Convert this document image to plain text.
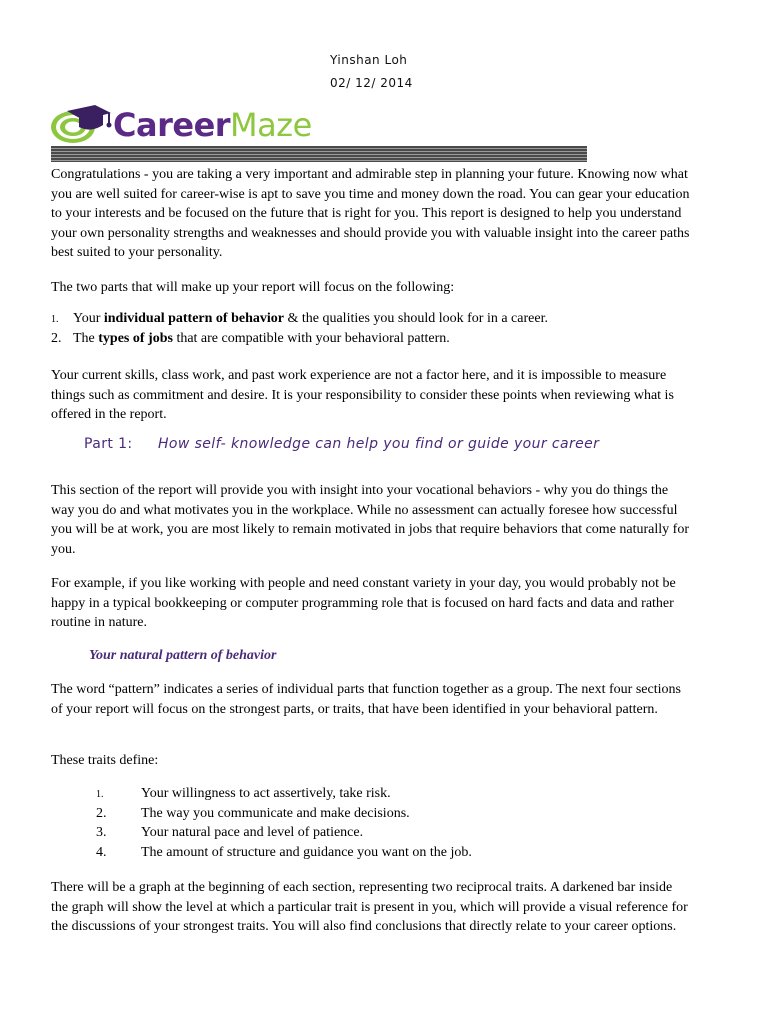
Yinshan Loh
02/ 12/ 2014
CareerMaze

Congratulations - you are taking a very important and admirable step in planning your future. Knowing now what you are well suited for career-wise is apt to save you time and money down the road. You can gear your education to your interests and be focused on the future that is right for you. This report is designed to help you understand your own personality strengths and weaknesses and should provide you with valuable insight into the career paths best suited to your personality.

The two parts that will make up your report will focus on the following:

1. Your individual pattern of behavior & the qualities you should look for in a career.
2. The types of jobs that are compatible with your behavioral pattern.

Your current skills, class work, and past work experience are not a factor here, and it is impossible to measure things such as commitment and desire. It is your responsibility to consider these points when reviewing what is offered in the report.

Part 1: How self- knowledge can help you find or guide your career

This section of the report will provide you with insight into your vocational behaviors - why you do things the way you do and what motivates you in the workplace. While no assessment can actually foresee how successful you will be at work, you are most likely to remain motivated in jobs that require behaviors that come naturally for you.

For example, if you like working with people and need constant variety in your day, you would probably not be happy in a typical bookkeeping or computer programming role that is focused on hard facts and data and rather routine in nature.

Your natural pattern of behavior

The word “pattern” indicates a series of individual parts that function together as a group. The next four sections of your report will focus on the strongest parts, or traits, that have been identified in your behavioral pattern.

These traits define:

1.	Your willingness to act assertively, take risk.
2. The way you communicate and make decisions.
3. Your natural pace and level of patience.
4. The amount of structure and guidance you want on the job.

There will be a graph at the beginning of each section, representing two reciprocal traits. A darkened bar inside the graph will show the level at which a particular trait is present in you, which will provide a visual reference for the discussions of your strongest traits. You will also find conclusions that directly relate to your career options.
